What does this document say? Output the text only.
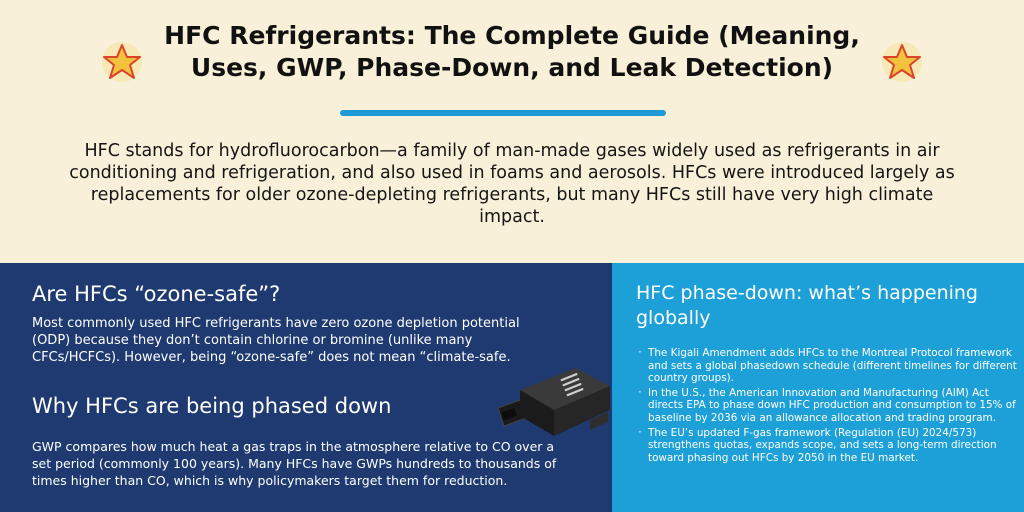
HFC Refrigerants: The Complete Guide (Meaning, Uses, GWP, Phase-Down, and Leak Detection)

HFC stands for hydrofluorocarbon—a family of man-made gases widely used as refrigerants in air conditioning and refrigeration, and also used in foams and aerosols. HFCs were introduced largely as replacements for older ozone-depleting refrigerants, but many HFCs still have very high climate impact.

Are HFCs “ozone-safe”?

Most commonly used HFC refrigerants have zero ozone depletion potential (ODP) because they don’t contain chlorine or bromine (unlike many CFCs/HCFCs). However, being “ozone-safe” does not mean “climate-safe.

Why HFCs are being phased down

GWP compares how much heat a gas traps in the atmosphere relative to CO over a set period (commonly 100 years). Many HFCs have GWPs hundreds to thousands of times higher than CO, which is why policymakers target them for reduction.

HFC phase-down: what’s happening globally
· The Kigali Amendment adds HFCs to the Montreal Protocol framework and sets a global phasedown schedule (different timelines for different country groups).
· In the U.S., the American Innovation and Manufacturing (AIM) Act directs EPA to phase down HFC production and consumption to 15% of baseline by 2036 via an allowance allocation and trading program.
· The EU’s updated F-gas framework (Regulation (EU) 2024/573) strengthens quotas, expands scope, and sets a long-term direction toward phasing out HFCs by 2050 in the EU market.
